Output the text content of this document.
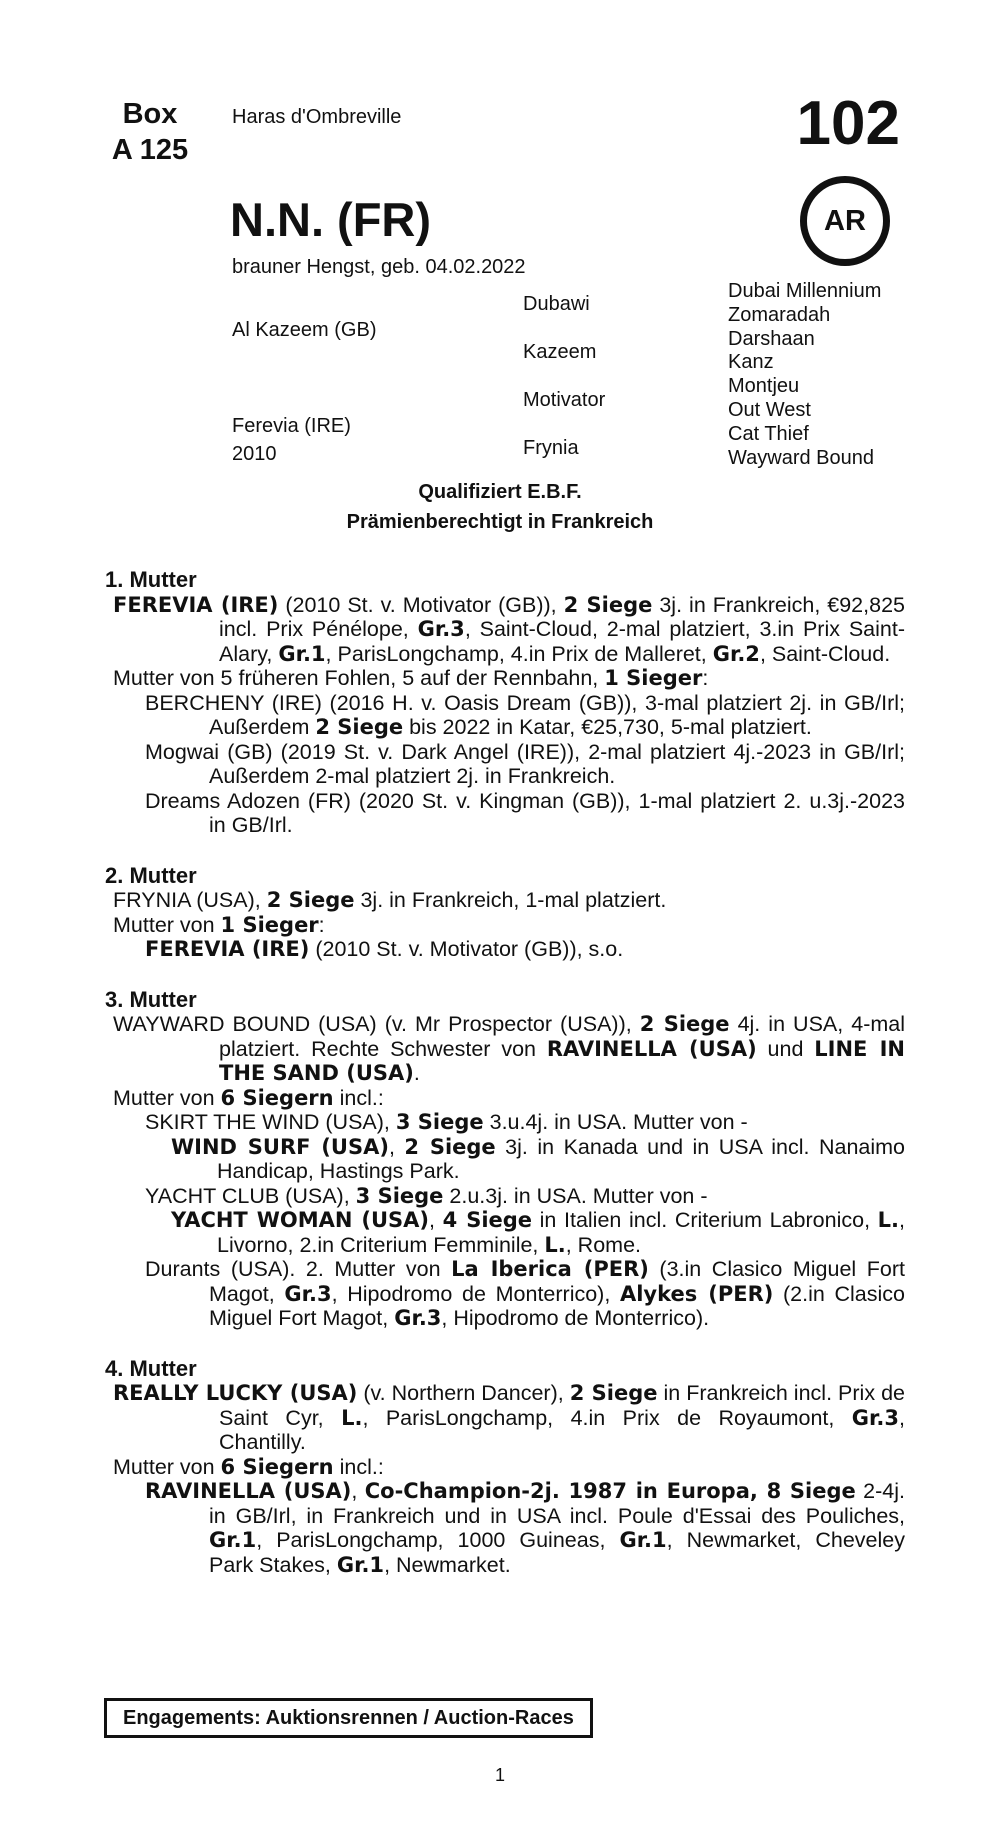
Box
A 125
Haras d'Ombreville	102
AR
N.N. (FR)
brauner Hengst, geb. 04.02.2022
Al Kazeem (GB)
Ferevia (IRE)
2010
Dubawi
Kazeem
Motivator
Frynia
Dubai Millennium
Zomaradah
Darshaan
Kanz
Montjeu
Out West
Cat Thief
Wayward Bound
Qualifiziert E.B.F.
Prämienberechtigt in Frankreich
1. Mutter
FEREVIA (IRE) (2010 St. v. Motivator (GB)), 2 Siege 3j. in Frankreich, €92,825 incl. Prix Pénélope, Gr.3, Saint-Cloud, 2-mal platziert, 3.in Prix Saint-Alary, Gr.1, ParisLongchamp, 4.in Prix de Malleret, Gr.2, Saint-Cloud.
Mutter von 5 früheren Fohlen, 5 auf der Rennbahn, 1 Sieger:
BERCHENY (IRE) (2016 H. v. Oasis Dream (GB)), 3-mal platziert 2j. in GB/Irl; Außerdem 2 Siege bis 2022 in Katar, €25,730, 5-mal platziert.
Mogwai (GB) (2019 St. v. Dark Angel (IRE)), 2-mal platziert 4j.-2023 in GB/Irl; Außerdem 2-mal platziert 2j. in Frankreich.
Dreams Adozen (FR) (2020 St. v. Kingman (GB)), 1-mal platziert 2. u.3j.-2023 in GB/Irl.
2. Mutter
FRYNIA (USA), 2 Siege 3j. in Frankreich, 1-mal platziert.
Mutter von 1 Sieger:
FEREVIA (IRE) (2010 St. v. Motivator (GB)), s.o.
3. Mutter
WAYWARD BOUND (USA) (v. Mr Prospector (USA)), 2 Siege 4j. in USA, 4-mal platziert. Rechte Schwester von RAVINELLA (USA) und LINE IN THE SAND (USA).
Mutter von 6 Siegern incl.:
SKIRT THE WIND (USA), 3 Siege 3.u.4j. in USA. Mutter von -
WIND SURF (USA), 2 Siege 3j. in Kanada und in USA incl. Nanaimo Handicap, Hastings Park.
YACHT CLUB (USA), 3 Siege 2.u.3j. in USA. Mutter von -
YACHT WOMAN (USA), 4 Siege in Italien incl. Criterium Labronico, L., Livorno, 2.in Criterium Femminile, L., Rome.
Durants (USA). 2. Mutter von La Iberica (PER) (3.in Clasico Miguel Fort Magot, Gr.3, Hipodromo de Monterrico), Alykes (PER) (2.in Clasico Miguel Fort Magot, Gr.3, Hipodromo de Monterrico).
4. Mutter
REALLY LUCKY (USA) (v. Northern Dancer), 2 Siege in Frankreich incl. Prix de Saint Cyr, L., ParisLongchamp, 4.in Prix de Royaumont, Gr.3, Chantilly.
Mutter von 6 Siegern incl.:
RAVINELLA (USA), Co-Champion-2j. 1987 in Europa, 8 Siege 2-4j. in GB/Irl, in Frankreich und in USA incl. Poule d'Essai des Pouliches, Gr.1, ParisLongchamp, 1000 Guineas, Gr.1, Newmarket, Cheveley Park Stakes, Gr.1, Newmarket.
Engagements: Auktionsrennen / Auction-Races
1
